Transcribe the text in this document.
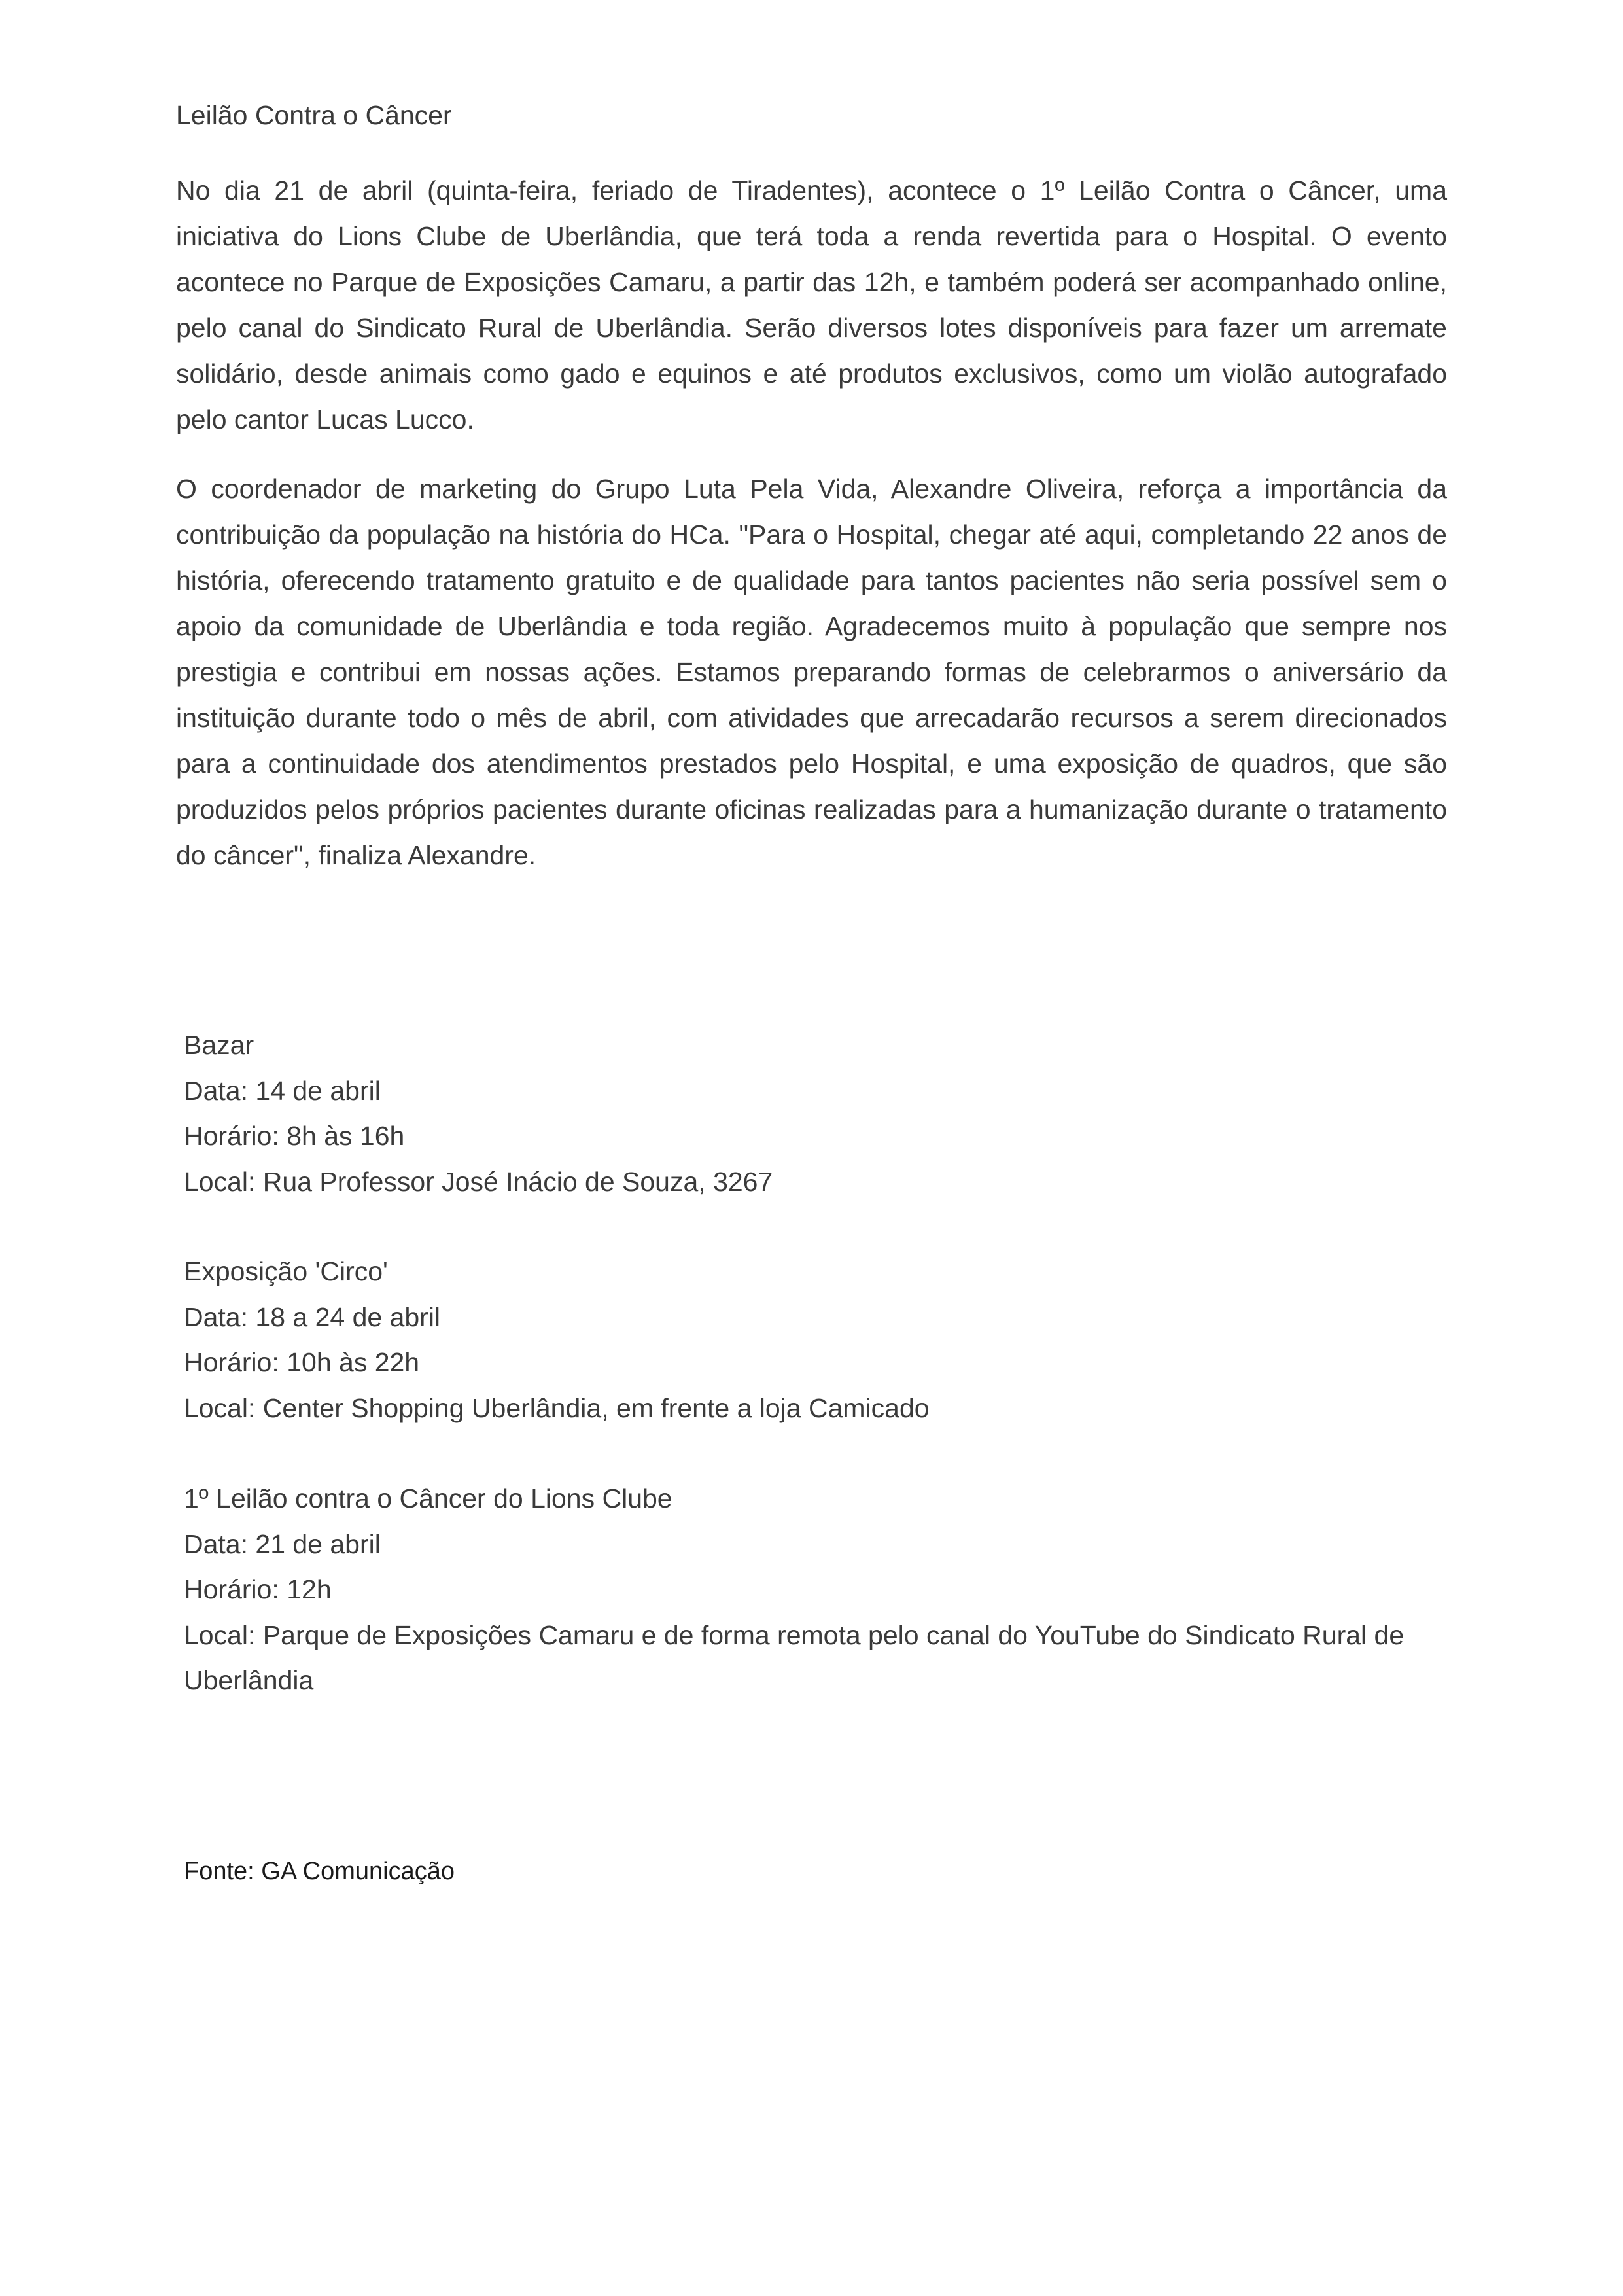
Leilão Contra o Câncer

No dia 21 de abril (quinta-feira, feriado de Tiradentes), acontece o 1º Leilão Contra o Câncer, uma iniciativa do Lions Clube de Uberlândia, que terá toda a renda revertida para o Hospital. O evento acontece no Parque de Exposições Camaru, a partir das 12h, e também poderá ser acompanhado online, pelo canal do Sindicato Rural de Uberlândia. Serão diversos lotes disponíveis para fazer um arremate solidário, desde animais como gado e equinos e até produtos exclusivos, como um violão autografado pelo cantor Lucas Lucco.

O coordenador de marketing do Grupo Luta Pela Vida, Alexandre Oliveira, reforça a importância da contribuição da população na história do HCa. "Para o Hospital, chegar até aqui, completando 22 anos de história, oferecendo tratamento gratuito e de qualidade para tantos pacientes não seria possível sem o apoio da comunidade de Uberlândia e toda região. Agradecemos muito à população que sempre nos prestigia e contribui em nossas ações. Estamos preparando formas de celebrarmos o aniversário da instituição durante todo o mês de abril, com atividades que arrecadarão recursos a serem direcionados para a continuidade dos atendimentos prestados pelo Hospital, e uma exposição de quadros, que são produzidos pelos próprios pacientes durante oficinas realizadas para a humanização durante o tratamento do câncer", finaliza Alexandre.

Bazar
Data: 14 de abril
Horário: 8h às 16h
Local: Rua Professor José Inácio de Souza, 3267
Exposição 'Circo'
Data: 18 a 24 de abril
Horário: 10h às 22h
Local: Center Shopping Uberlândia, em frente a loja Camicado
1º Leilão contra o Câncer do Lions Clube
Data: 21 de abril
Horário: 12h
Local: Parque de Exposições Camaru e de forma remota pelo canal do YouTube do Sindicato Rural de Uberlândia

Fonte: GA Comunicação
